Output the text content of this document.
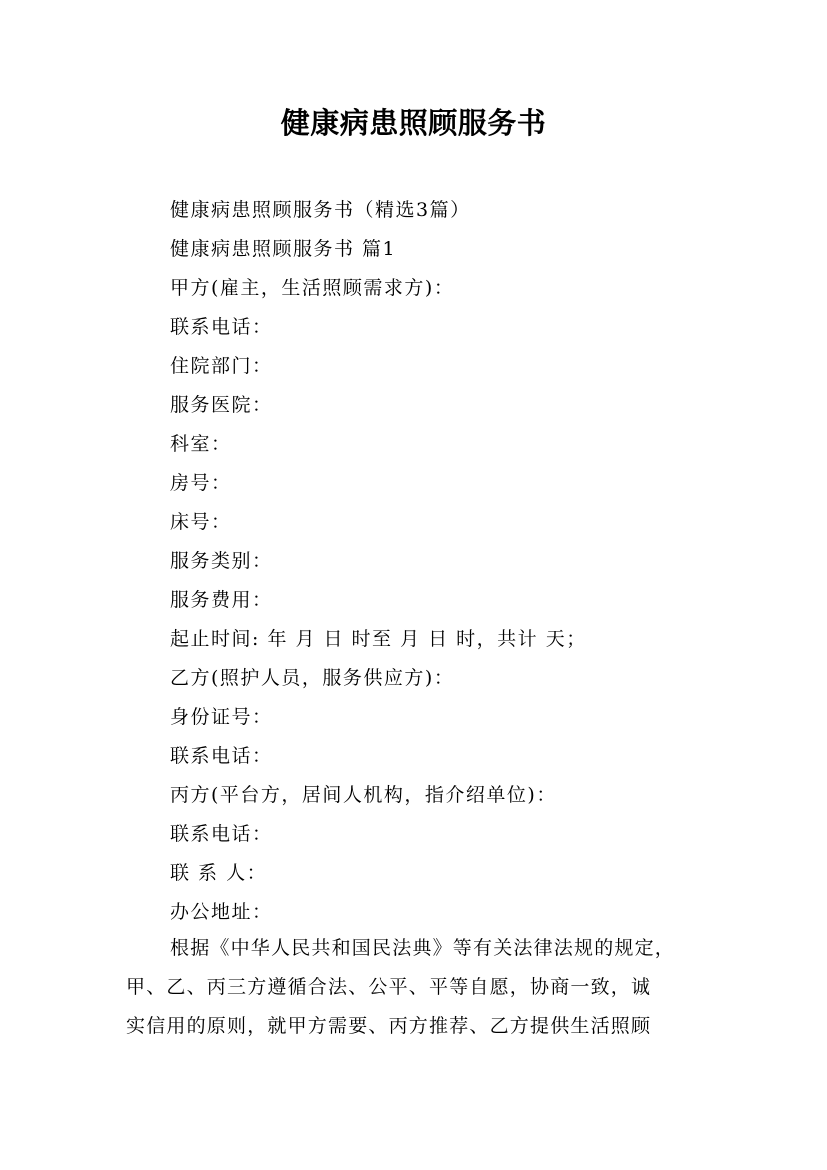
健康病患照顾服务书
健康病患照顾服务书（精选3篇）
健康病患照顾服务书 篇1
甲方(雇主，生活照顾需求方)：
联系电话：
住院部门：
服务医院：
科室：
房号：
床号：
服务类别：
服务费用：
起止时间: 年 月 日 时至 月 日 时，共计 天；
乙方(照护人员，服务供应方)：
身份证号：
联系电话：
丙方(平台方，居间人机构，指介绍单位)：
联系电话：
联 系 人：
办公地址：
根据《中华人民共和国民法典》等有关法律法规的规定，
甲、乙、丙三方遵循合法、公平、平等自愿，协商一致，诚
实信用的原则，就甲方需要、丙方推荐、乙方提供生活照顾
